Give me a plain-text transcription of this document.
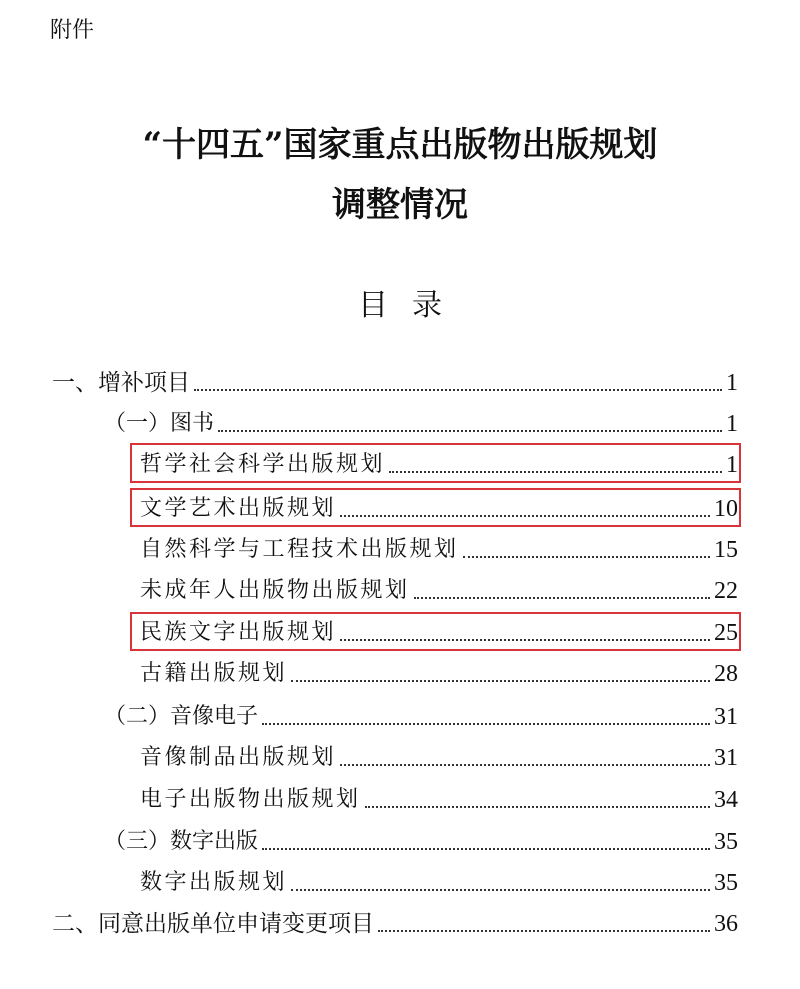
附件
“十四五”国家重点出版物出版规划
调整情况
目录
一、增补项目	1
（一）图书	1
哲学社会科学出版规划	1
文学艺术出版规划	10
自然科学与工程技术出版规划	15
未成年人出版物出版规划	22
民族文字出版规划	25
古籍出版规划	28
（二）音像电子	31
音像制品出版规划	31
电子出版物出版规划	34
（三）数字出版	35
数字出版规划	35
二、同意出版单位申请变更项目	36
